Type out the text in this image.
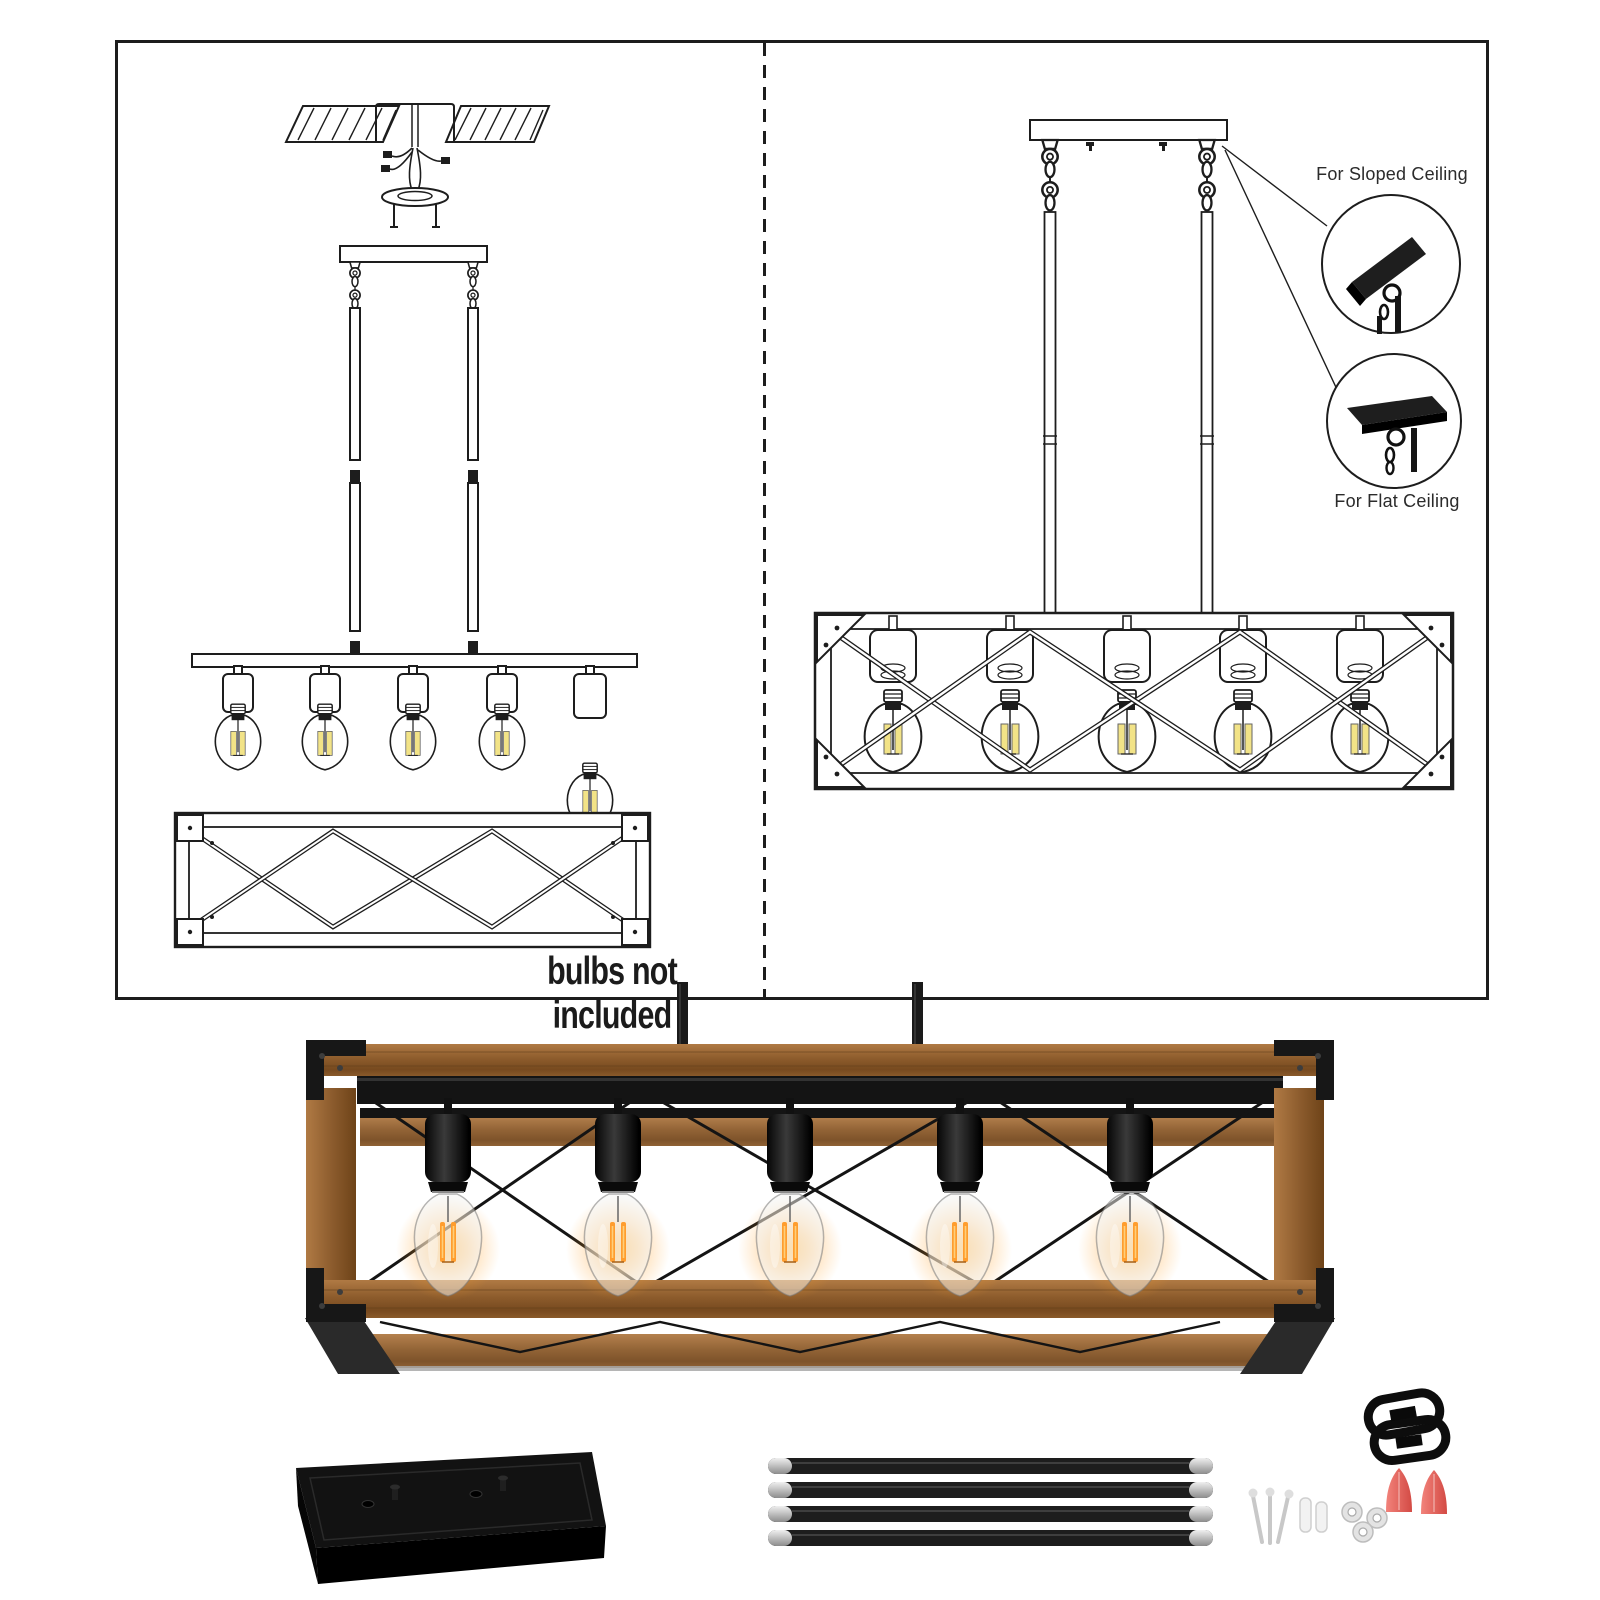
For Sloped Ceiling
For Flat Ceiling
bulbs not included
